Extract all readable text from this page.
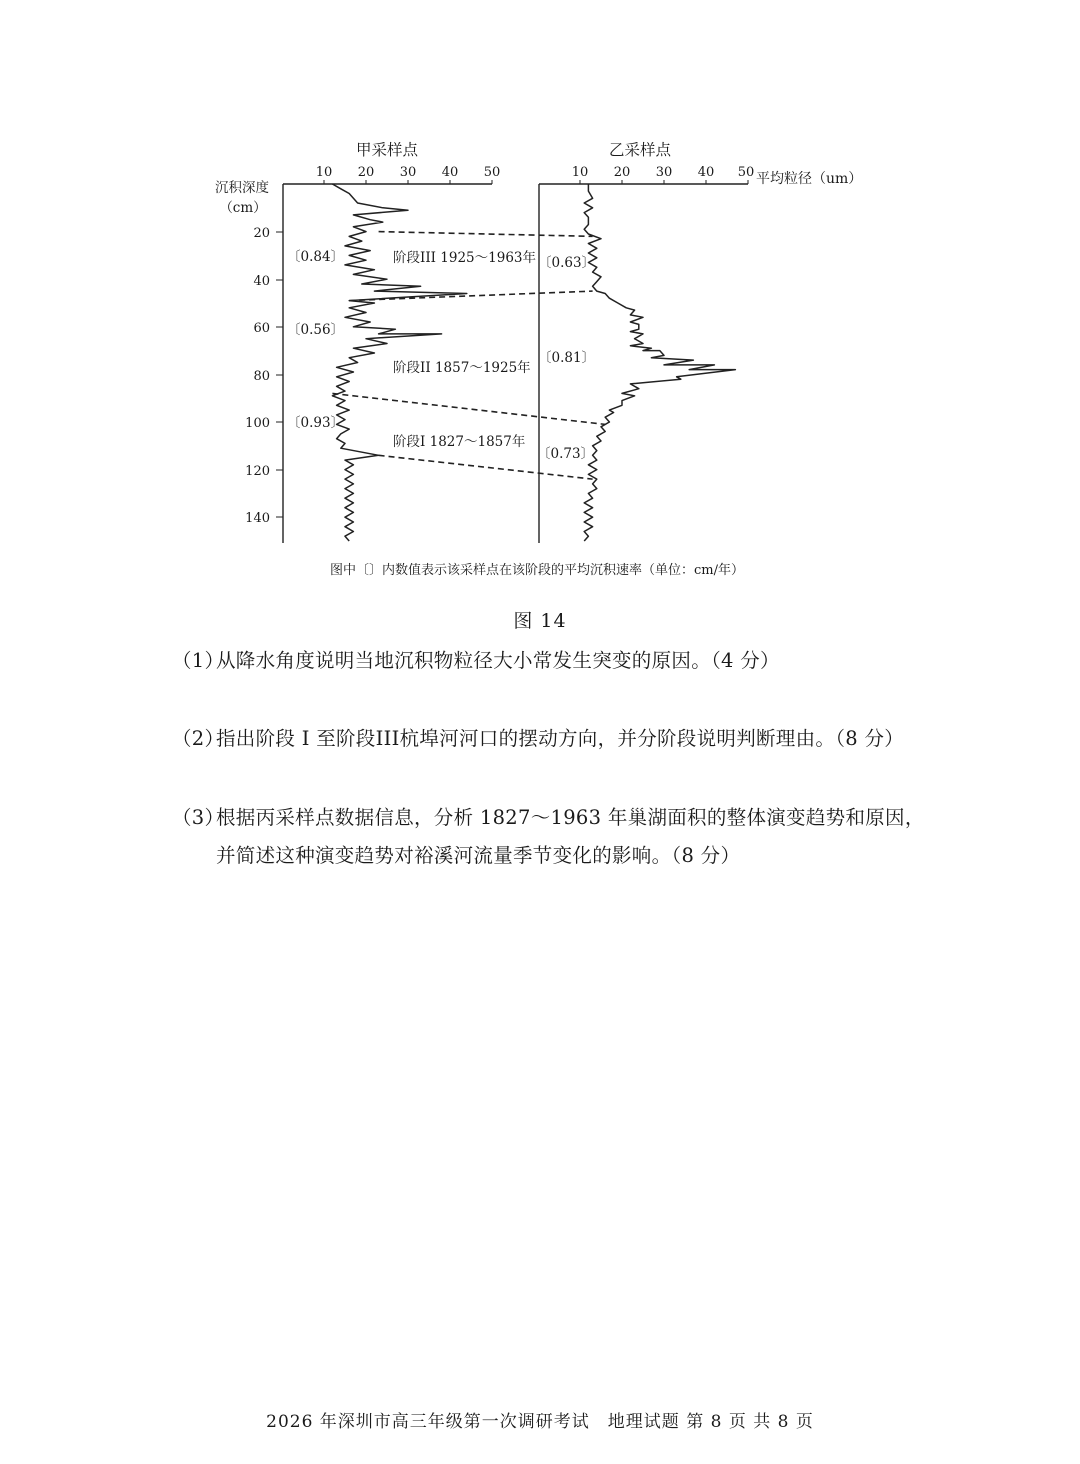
甲采样点	乙采样点
10 20 30 40 50	10 20 30 40 50 平均粒径（um）
沉积深度
（cm）
20
40
60
80
100
120
140
阶段III 1925～1963年
阶段II 1857～1925年
阶段I 1827～1857年
〔0.84〕
〔0.56〕
〔0.93〕
〔0.63〕
〔0.81〕
〔0.73〕
图中〔〕内数值表示该采样点在该阶段的平均沉积速率（单位：cm/年）
图 14
（1）从降水角度说明当地沉积物粒径大小常发生突变的原因。（4 分）
（2）指出阶段 I 至阶段III杭埠河河口的摆动方向，并分阶段说明判断理由。（8 分）
（3）根据丙采样点数据信息，分析 1827～1963 年巢湖面积的整体演变趋势和原因，
并简述这种演变趋势对裕溪河流量季节变化的影响。（8 分）
2026 年深圳市高三年级第一次调研考试　地理试题 第 8 页 共 8 页
